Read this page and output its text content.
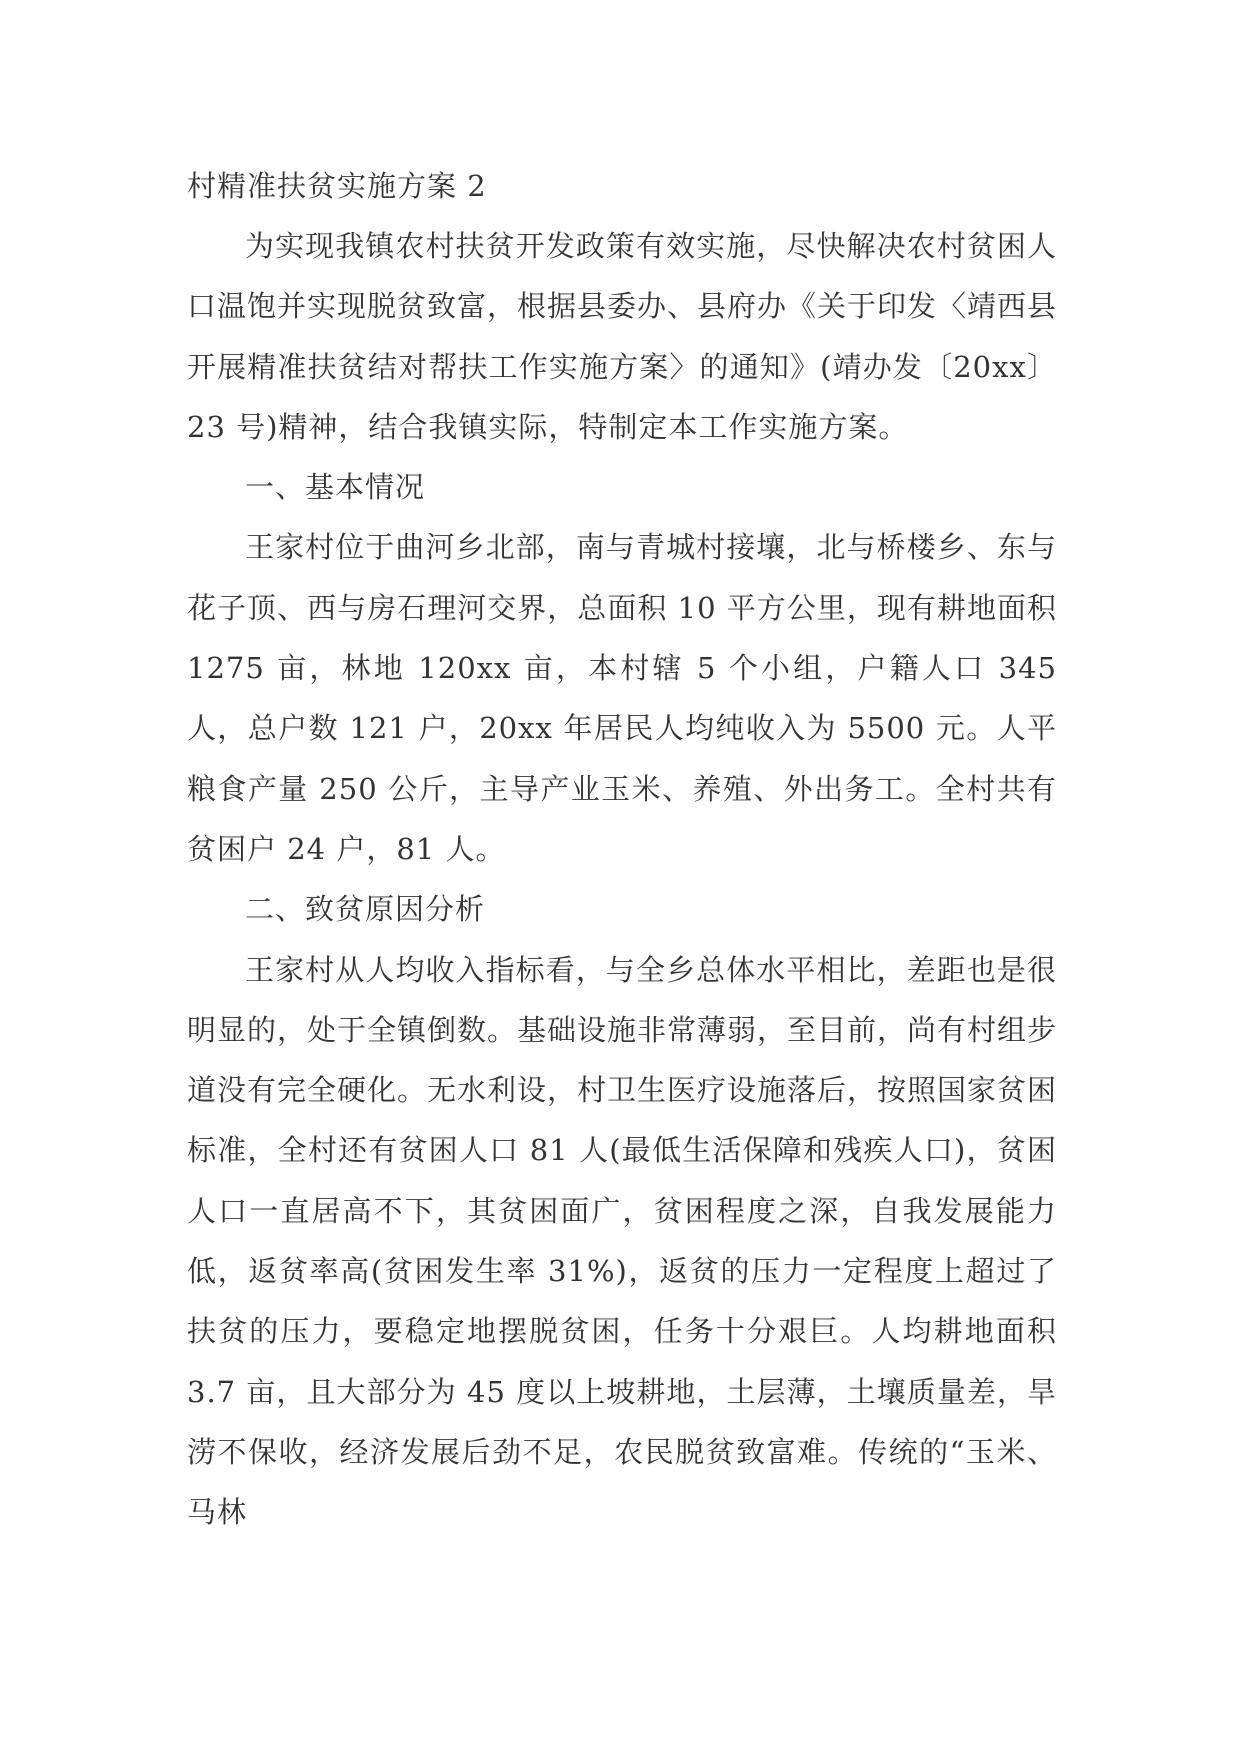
村精准扶贫实施方案 2

为实现我镇农村扶贫开发政策有效实施，尽快解决农村贫困人口温饱并实现脱贫致富，根据县委办、县府办《关于印发〈靖西县开展精准扶贫结对帮扶工作实施方案〉的通知》(靖办发〔20xx〕23 号)精神，结合我镇实际，特制定本工作实施方案。

一、基本情况

王家村位于曲河乡北部，南与青城村接壤，北与桥楼乡、东与花子顶、西与房石理河交界，总面积 10 平方公里，现有耕地面积 1275 亩，林地 120xx 亩，本村辖 5 个小组，户籍人口 345 人，总户数 121 户，20xx 年居民人均纯收入为 5500 元。人平粮食产量 250 公斤，主导产业玉米、养殖、外出务工。全村共有贫困户 24 户，81 人。

二、致贫原因分析

王家村从人均收入指标看，与全乡总体水平相比，差距也是很明显的，处于全镇倒数。基础设施非常薄弱，至目前，尚有村组步道没有完全硬化。无水利设，村卫生医疗设施落后，按照国家贫困标准，全村还有贫困人口 81 人(最低生活保障和残疾人口)，贫困人口一直居高不下，其贫困面广，贫困程度之深，自我发展能力低，返贫率高(贫困发生率 31%)，返贫的压力一定程度上超过了扶贫的压力，要稳定地摆脱贫困，任务十分艰巨。人均耕地面积 3.7 亩，且大部分为 45 度以上坡耕地，土层薄，土壤质量差，旱涝不保收，经济发展后劲不足，农民脱贫致富难。传统的“玉米、马林
